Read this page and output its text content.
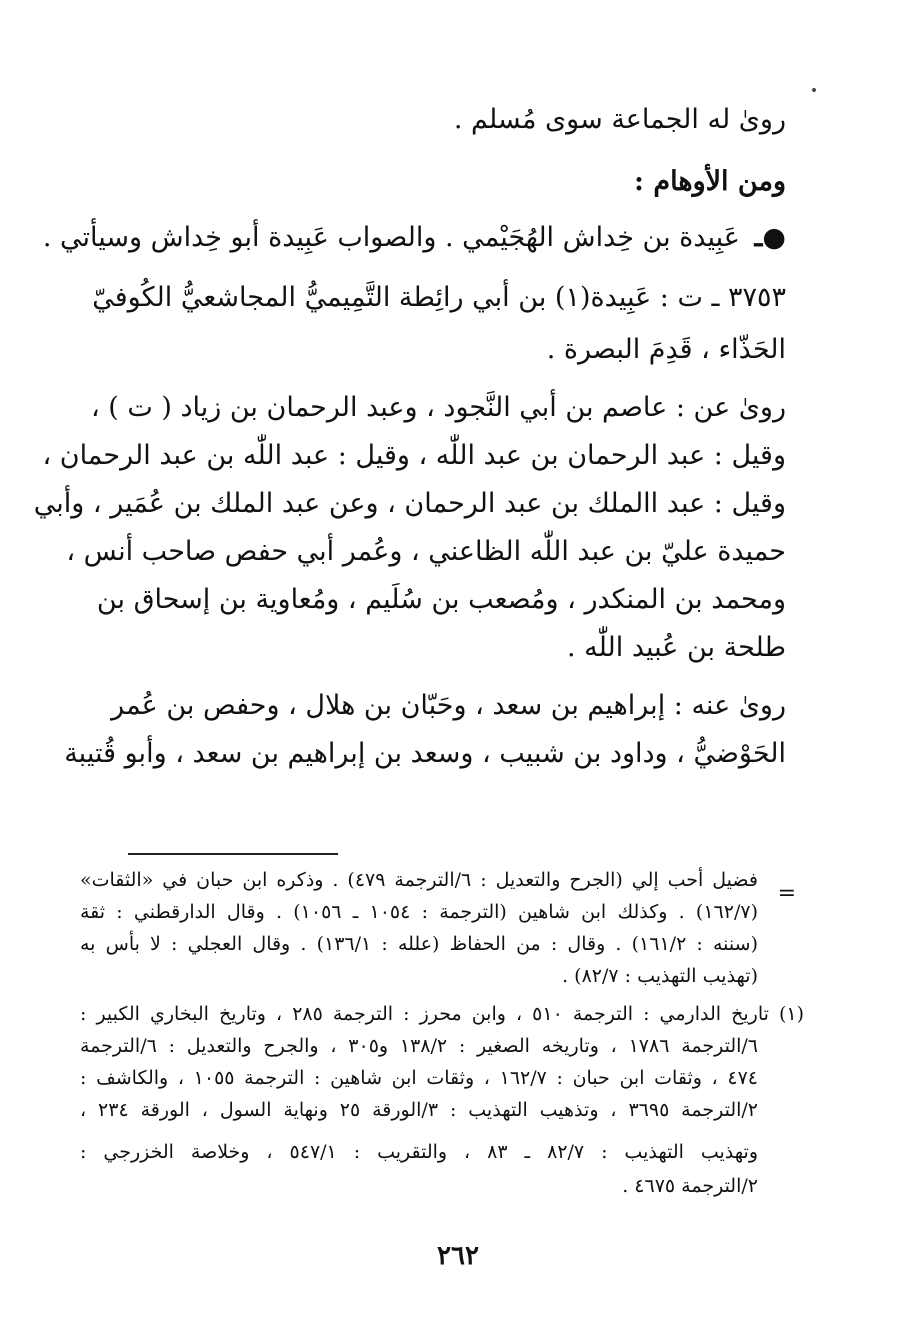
روىٰ له الجماعة سوى مُسلم .
ومن الأوهام :
●ـ عَبِيدة بن خِداش الهُجَيْمي . والصواب عَبِيدة أبو خِداش وسيأتي .
٣٧٥٣ ـ ت : عَبِيدة(١) بن أبي رائِطة التَّمِيميُّ المجاشعيُّ الكُوفيّ
الحَذّاء ، قَدِمَ البصرة .
روىٰ عن : عاصم بن أبي النَّجود ، وعبد الرحمان بن زياد ( ت ) ،
وقيل : عبد الرحمان بن عبد اللّٰه ، وقيل : عبد اللّٰه بن عبد الرحمان ،
وقيل : عبد االملك بن عبد الرحمان ، وعن عبد الملك بن عُمَير ، وأبي
حميدة عليّ بن عبد اللّٰه الظاعني ، وعُمر أبي حفص صاحب أنس ،
ومحمد بن المنكدر ، ومُصعب بن سُلَيم ، ومُعاوية بن إسحاق بن
طلحة بن عُبيد اللّٰه .
روىٰ عنه : إبراهيم بن سعد ، وحَبّان بن هلال ، وحفص بن عُمر
الحَوْضيُّ ، وداود بن شبيب ، وسعد بن إبراهيم بن سعد ، وأبو قُتيبة
=
فضيل أحب إلي (الجرح والتعديل : ٦/الترجمة ٤٧٩) . وذكره ابن حبان في «الثقات»
(١٦٢/٧) . وكذلك ابن شاهين (الترجمة : ١٠٥٤ ـ ١٠٥٦) . وقال الدارقطني : ثقة
(سننه : ١٦١/٢) . وقال : من الحفاظ (علله : ١٣٦/١) . وقال العجلي : لا بأس به
(تهذيب التهذيب : ٨٢/٧) .
(١) تاريخ الدارمي : الترجمة ٥١٠ ، وابن محرز : الترجمة ٢٨٥ ، وتاريخ البخاري الكبير :
٦/الترجمة ١٧٨٦ ، وتاريخه الصغير : ١٣٨/٢ و٣٠٥ ، والجرح والتعديل : ٦/الترجمة
٤٧٤ ، وثقات ابن حبان : ١٦٢/٧ ، وثقات ابن شاهين : الترجمة ١٠٥٥ ، والكاشف :
٢/الترجمة ٣٦٩٥ ، وتذهيب التهذيب : ٣/الورقة ٢٥ ونهاية السول ، الورقة ٢٣٤ ،
وتهذيب التهذيب : ٨٢/٧ ـ ٨٣ ، والتقريب : ٥٤٧/١ ، وخلاصة الخزرجي :
٢/الترجمة ٤٦٧٥ .
٢٦٢
